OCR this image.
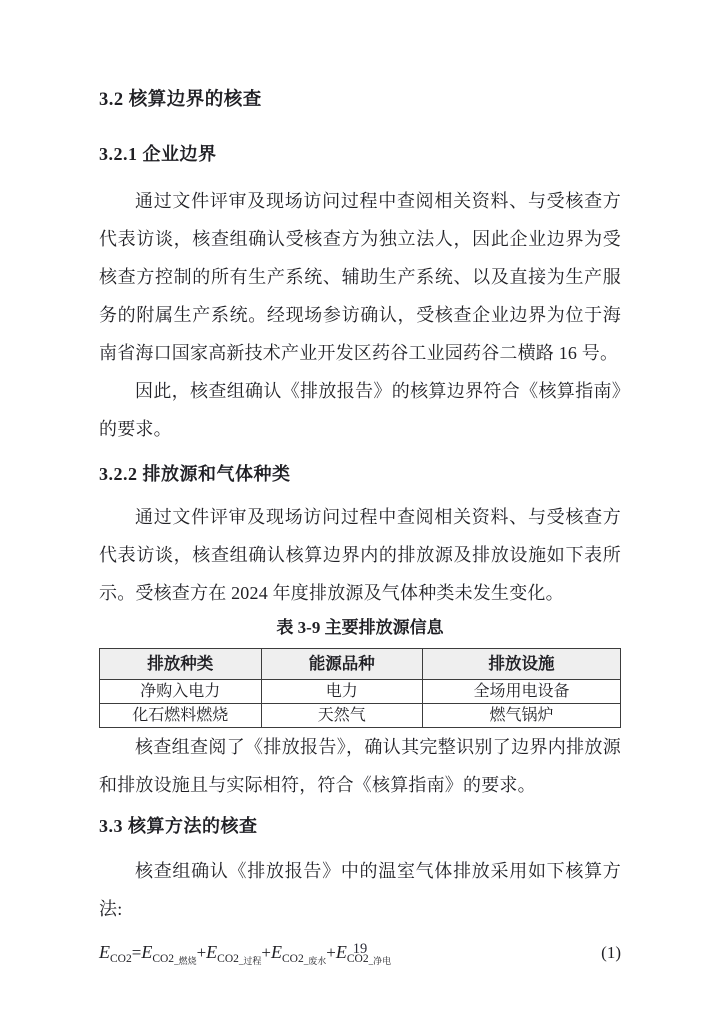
3.2 核算边界的核查
3.2.1 企业边界

通过文件评审及现场访问过程中查阅相关资料、与受核查方代表访谈，核查组确认受核查方为独立法人，因此企业边界为受核查方控制的所有生产系统、辅助生产系统、以及直接为生产服务的附属生产系统。经现场参访确认，受核查企业边界为位于海南省海口国家高新技术产业开发区药谷工业园药谷二横路 16 号。

因此，核查组确认《排放报告》的核算边界符合《核算指南》的要求。

3.2.2 排放源和气体种类

通过文件评审及现场访问过程中查阅相关资料、与受核查方代表访谈，核查组确认核算边界内的排放源及排放设施如下表所示。受核查方在 2024 年度排放源及气体种类未发生变化。

表 3-9 主要排放源信息
排放种类	能源品种	排放设施
净购入电力	电力	全场用电设备
化石燃料燃烧	天然气	燃气锅炉

核查组查阅了《排放报告》，确认其完整识别了边界内排放源和排放设施且与实际相符，符合《核算指南》的要求。

3.3 核算方法的核查

核查组确认《排放报告》中的温室气体排放采用如下核算方法:

$E_{CO2}=E_{CO2\_燃烧}+E_{CO2\_过程}+E_{CO2\_废水}+E_{CO2\_净电}$	(1)
19
